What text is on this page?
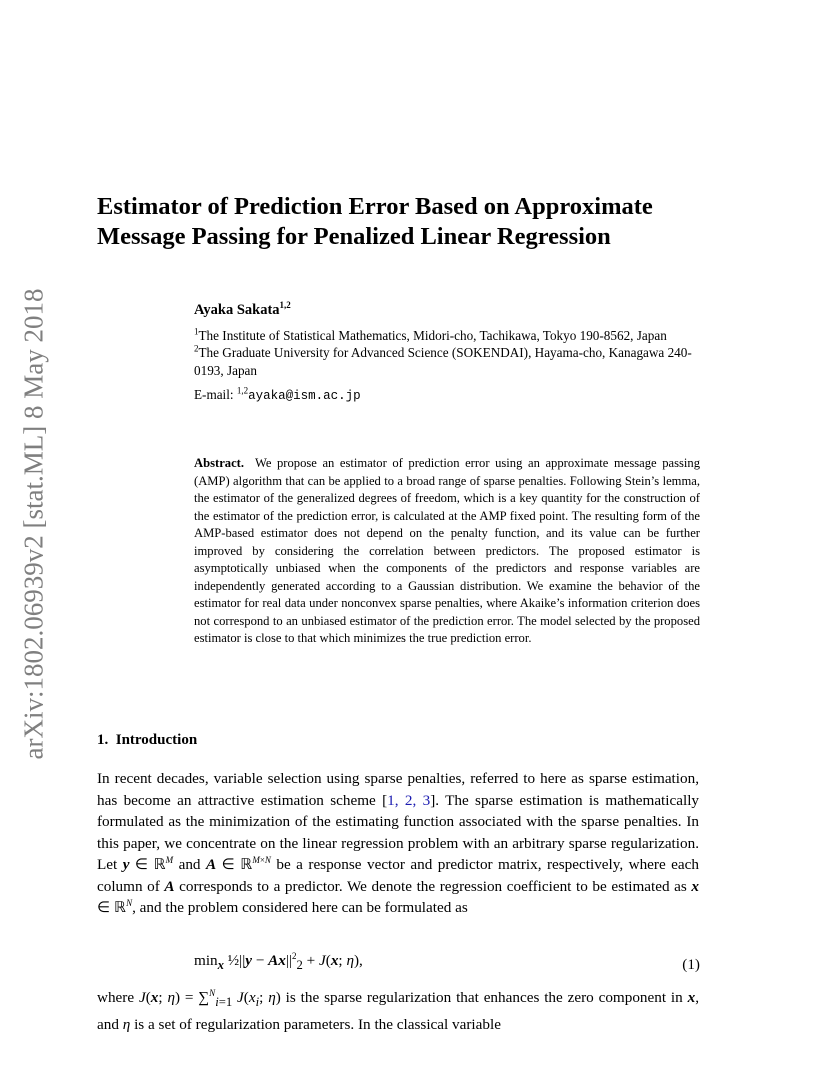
arXiv:1802.06939v2 [stat.ML] 8 May 2018
Estimator of Prediction Error Based on Approximate Message Passing for Penalized Linear Regression
Ayaka Sakata$^{1,2}$
$^1$The Institute of Statistical Mathematics, Midori-cho, Tachikawa, Tokyo 190-8562, Japan
$^2$The Graduate University for Advanced Science (SOKENDAI), Hayama-cho, Kanagawa 240-0193, Japan
E-mail: $^{1,2}$ayaka@ism.ac.jp

Abstract. We propose an estimator of prediction error using an approximate message passing (AMP) algorithm that can be applied to a broad range of sparse penalties. Following Stein’s lemma, the estimator of the generalized degrees of freedom, which is a key quantity for the construction of the estimator of the prediction error, is calculated at the AMP fixed point. The resulting form of the AMP-based estimator does not depend on the penalty function, and its value can be further improved by considering the correlation between predictors. The proposed estimator is asymptotically unbiased when the components of the predictors and response variables are independently generated according to a Gaussian distribution. We examine the behavior of the estimator for real data under nonconvex sparse penalties, where Akaike’s information criterion does not correspond to an unbiased estimator of the prediction error. The model selected by the proposed estimator is close to that which minimizes the true prediction error.

1. Introduction

In recent decades, variable selection using sparse penalties, referred to here as sparse estimation, has become an attractive estimation scheme [1, 2, 3]. The sparse estimation is mathematically formulated as the minimization of the estimating function associated with the sparse penalties. In this paper, we concentrate on the linear regression problem with an arbitrary sparse regularization. Let y ∈ ℝ$^M$ and A ∈ ℝ$^{M\times N}$ be a response vector and predictor matrix, respectively, where each column of A corresponds to a predictor. We denote the regression coefficient to be estimated as x ∈ ℝ$^N$, and the problem considered here can be formulated as

$\min_x$ ½||y − $Ax||^2_2 + J(x$; η),	(1)

where J(x; η) = ∑$^N_{i=1}$ $J(x_i$; η) is the sparse regularization that enhances the zero component in x, and η is a set of regularization parameters. In the classical variable
